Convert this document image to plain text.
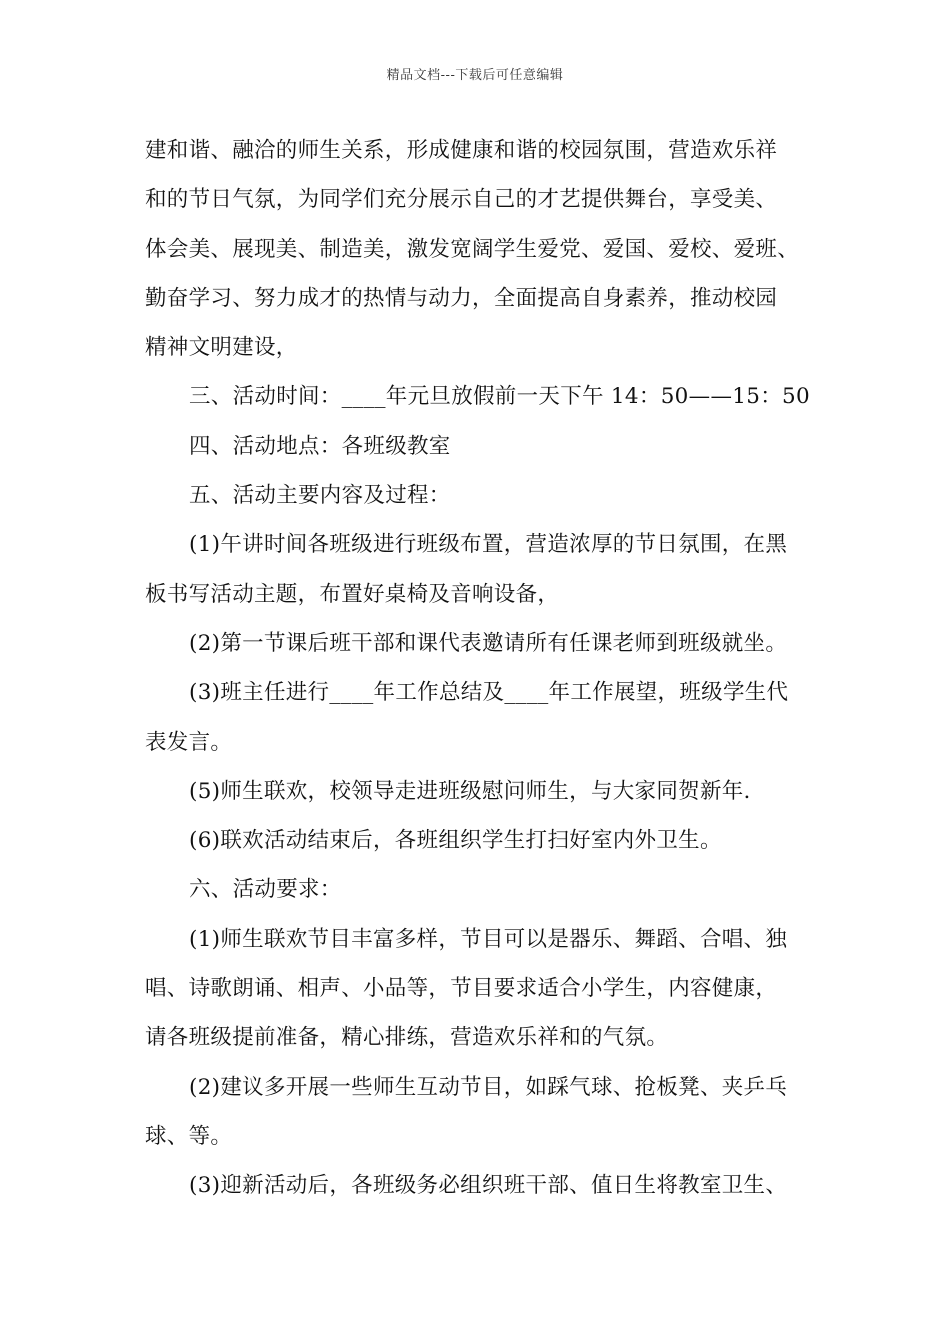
精品文档---下载后可任意编辑
建和谐、融洽的师生关系，形成健康和谐的校园氛围，营造欢乐祥
和的节日气氛，为同学们充分展示自己的才艺提供舞台，享受美、
体会美、展现美、制造美，激发宽阔学生爱党、爱国、爱校、爱班、
勤奋学习、努力成才的热情与动力，全面提高自身素养，推动校园
精神文明建设，
三、活动时间：____年元旦放假前一天下午 14：50——15：50
四、活动地点：各班级教室
五、活动主要内容及过程：
(1)午讲时间各班级进行班级布置，营造浓厚的节日氛围，在黑
板书写活动主题，布置好桌椅及音响设备，
(2)第一节课后班干部和课代表邀请所有任课老师到班级就坐。
(3)班主任进行____年工作总结及____年工作展望，班级学生代
表发言。
(5)师生联欢，校领导走进班级慰问师生，与大家同贺新年.
(6)联欢活动结束后，各班组织学生打扫好室内外卫生。
六、活动要求：
(1)师生联欢节目丰富多样，节目可以是器乐、舞蹈、合唱、独
唱、诗歌朗诵、相声、小品等，节目要求适合小学生，内容健康，
请各班级提前准备，精心排练，营造欢乐祥和的气氛。
(2)建议多开展一些师生互动节目，如踩气球、抢板凳、夹乒乓
球、等。
(3)迎新活动后，各班级务必组织班干部、值日生将教室卫生、
